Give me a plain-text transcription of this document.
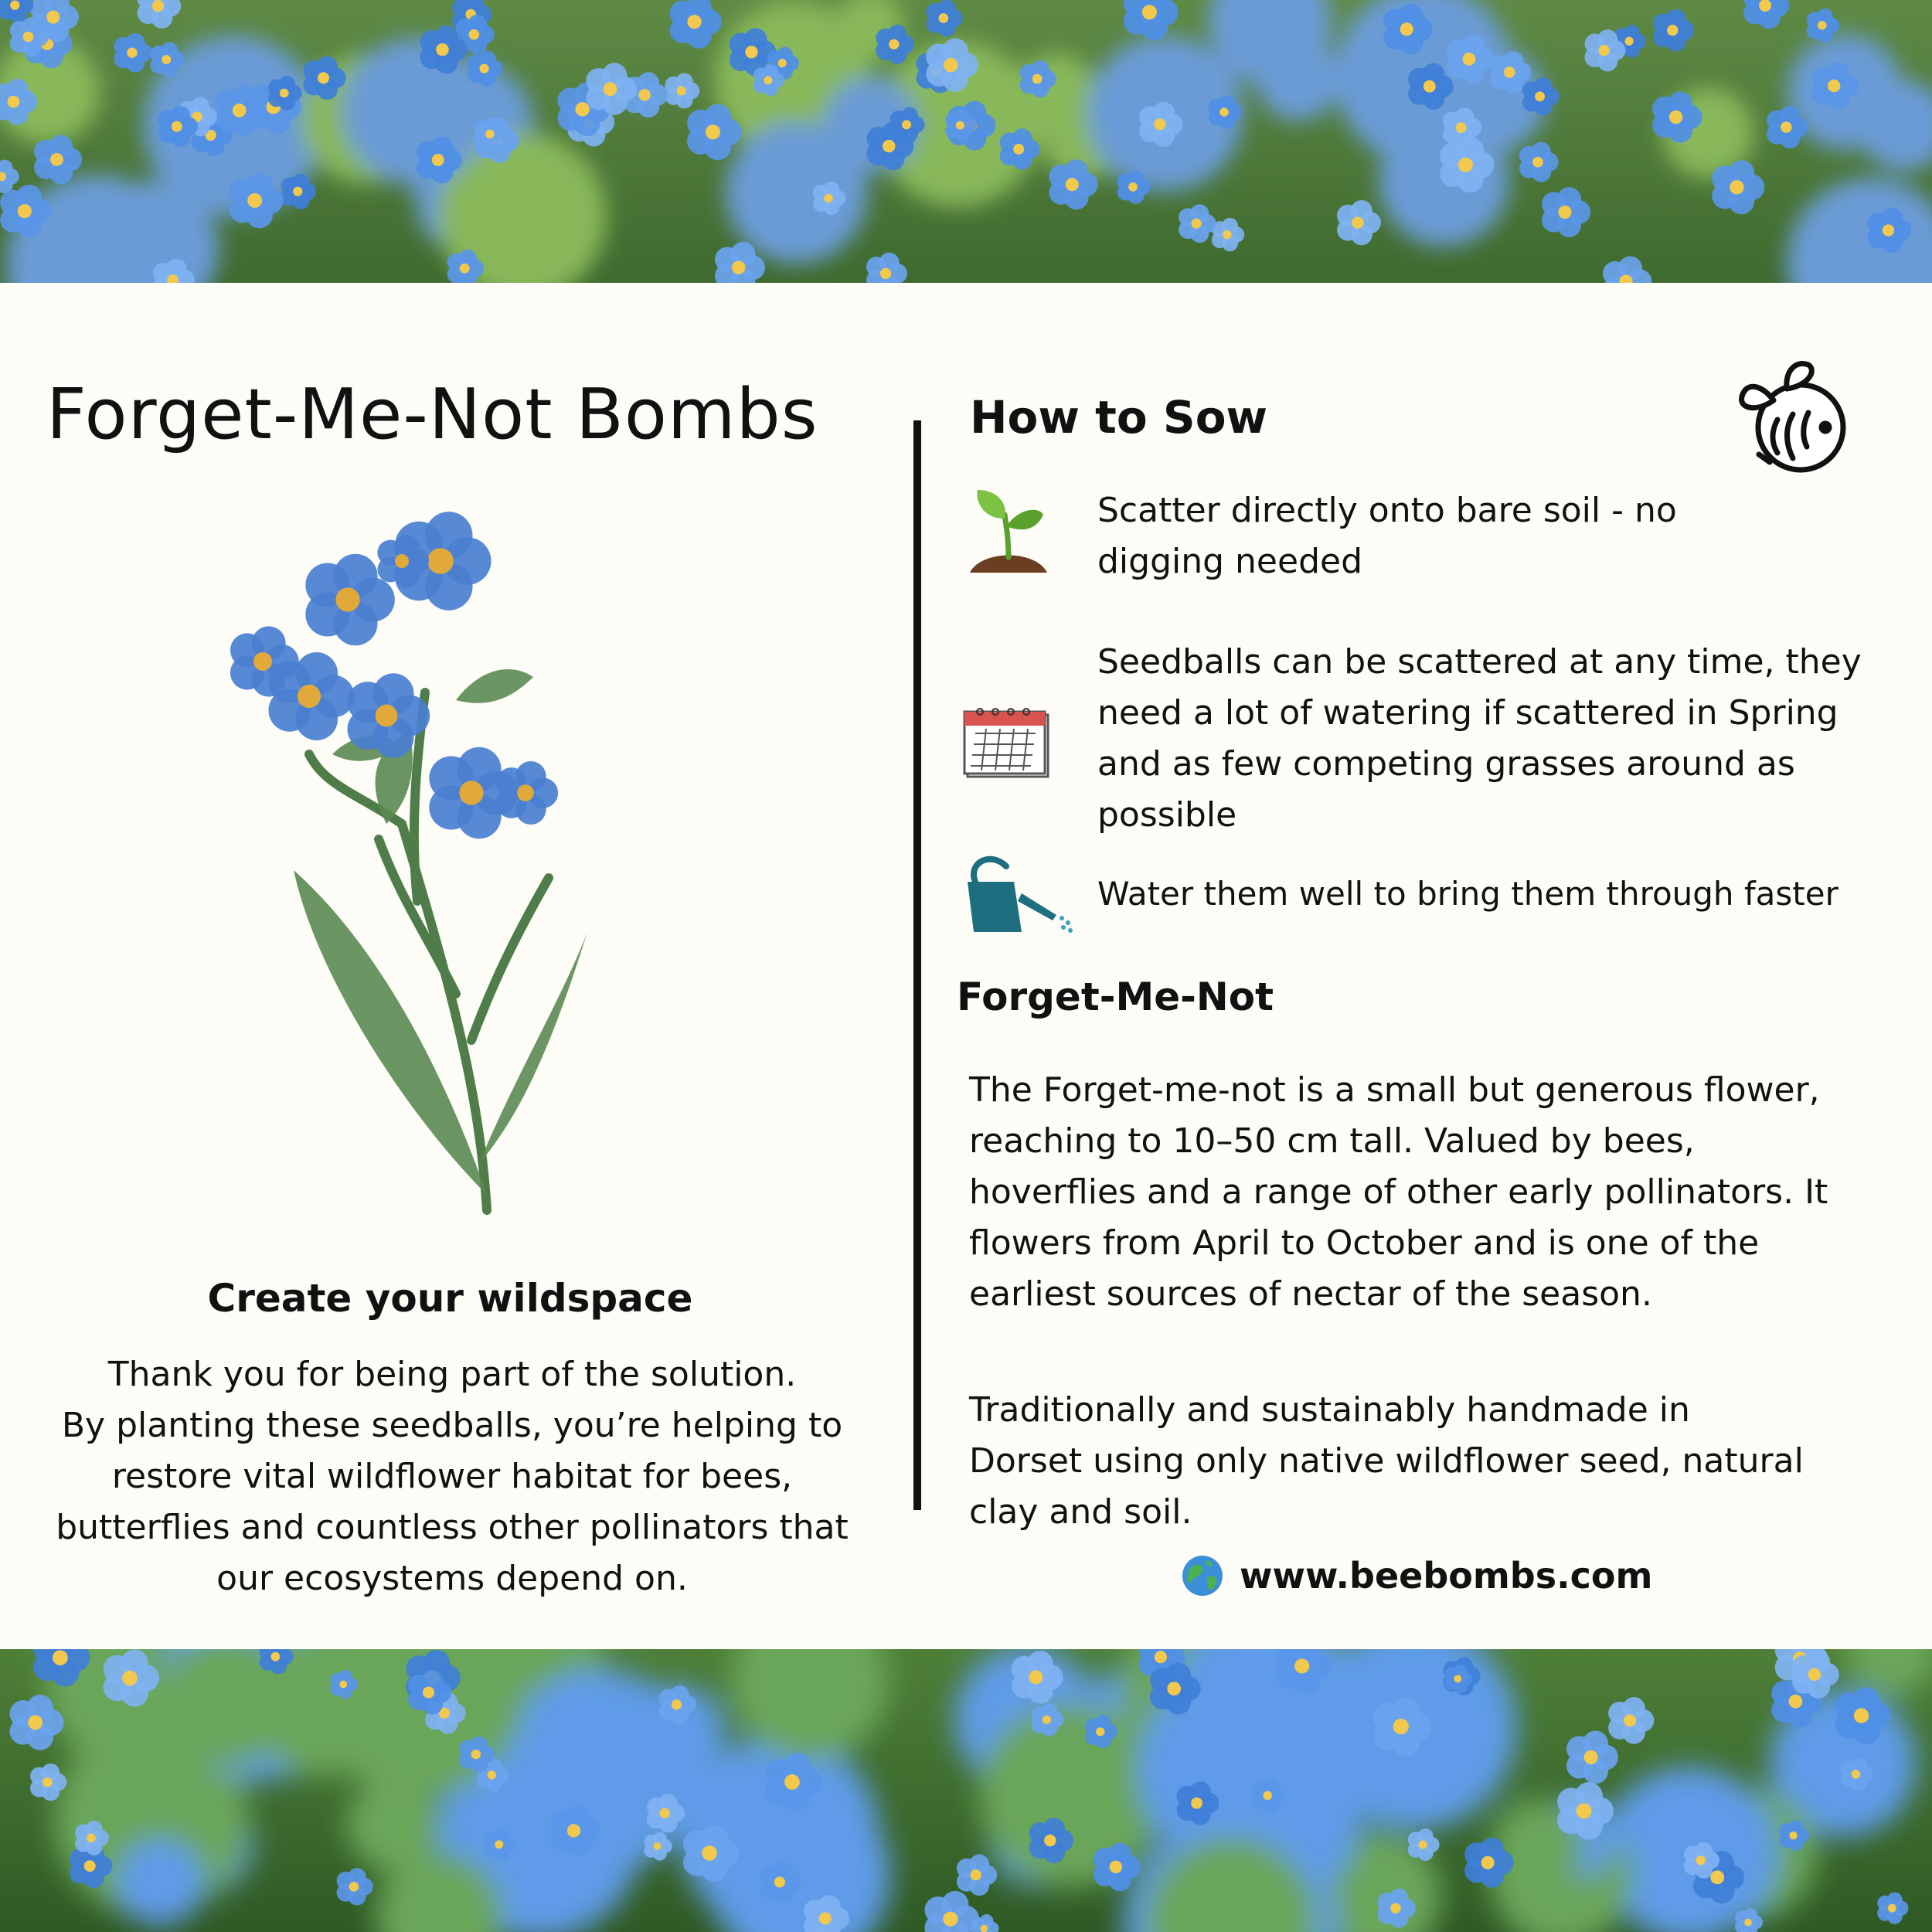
Forget-Me-Not Bombs
Create your wildspace
Thank you for being part of the solution.
By planting these seedballs, you’re helping to
restore vital wildflower habitat for bees,
butterflies and countless other pollinators that
our ecosystems depend on.
How to Sow
Scatter directly onto bare soil - no
digging needed
Seedballs can be scattered at any time, they
need a lot of watering if scattered in Spring
and as few competing grasses around as
possible
Water them well to bring them through faster
Forget-Me-Not
The Forget-me-not is a small but generous flower,
reaching to 10–50 cm tall. Valued by bees,
hoverflies and a range of other early pollinators. It
flowers from April to October and is one of the
earliest sources of nectar of the season.
Traditionally and sustainably handmade in
Dorset using only native wildflower seed, natural
clay and soil.
www.beebombs.com
